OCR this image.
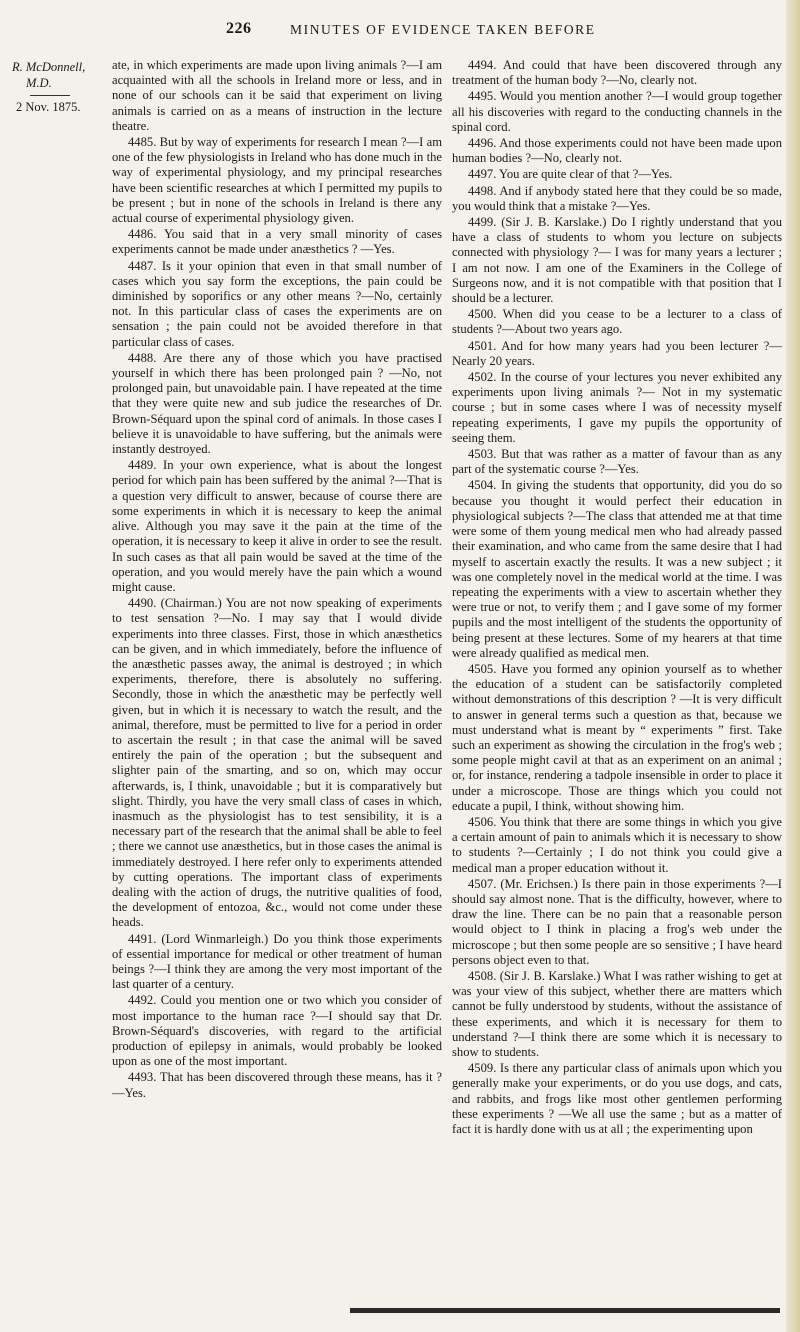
226	MINUTES OF EVIDENCE TAKEN BEFORE
R. McDonnell,
M.D.
2 Nov. 1875.

ate, in which experiments are made upon living animals ?—I am acquainted with all the schools in Ireland more or less, and in none of our schools can it be said that experiment on living animals is carried on as a means of instruction in the lecture theatre.

4485. But by way of experiments for research I mean ?—I am one of the few physiologists in Ireland who has done much in the way of experimental physiology, and my principal researches have been scientific researches at which I permitted my pupils to be present ; but in none of the schools in Ireland is there any actual course of experimental physiology given.

4486. You said that in a very small minority of cases experiments cannot be made under anæsthetics ? —Yes.

4487. Is it your opinion that even in that small number of cases which you say form the exceptions, the pain could be diminished by soporifics or any other means ?—No, certainly not. In this particular class of cases the experiments are on sensation ; the pain could not be avoided therefore in that particular class of cases.

4488. Are there any of those which you have practised yourself in which there has been prolonged pain ? —No, not prolonged pain, but unavoidable pain. I have repeated at the time that they were quite new and sub judice the researches of Dr. Brown-Séquard upon the spinal cord of animals. In those cases I believe it is unavoidable to have suffering, but the animals were instantly destroyed.

4489. In your own experience, what is about the longest period for which pain has been suffered by the animal ?—That is a question very difficult to answer, because of course there are some experiments in which it is necessary to keep the animal alive. Although you may save it the pain at the time of the operation, it is necessary to keep it alive in order to see the result. In such cases as that all pain would be saved at the time of the operation, and you would merely have the pain which a wound might cause.

4490. (Chairman.) You are not now speaking of experiments to test sensation ?—No. I may say that I would divide experiments into three classes. First, those in which anæsthetics can be given, and in which immediately, before the influence of the anæsthetic passes away, the animal is destroyed ; in which experiments, therefore, there is absolutely no suffering. Secondly, those in which the anæsthetic may be perfectly well given, but in which it is necessary to watch the result, and the animal, therefore, must be permitted to live for a period in order to ascertain the result ; in that case the animal will be saved entirely the pain of the operation ; but the subsequent and slighter pain of the smarting, and so on, which may occur afterwards, is, I think, unavoidable ; but it is comparatively but slight. Thirdly, you have the very small class of cases in which, inasmuch as the physiologist has to test sensibility, it is a necessary part of the research that the animal shall be able to feel ; there we cannot use anæsthetics, but in those cases the animal is immediately destroyed. I here refer only to experiments attended by cutting operations. The important class of experiments dealing with the action of drugs, the nutritive qualities of food, the development of entozoa, &c., would not come under these heads.

4491. (Lord Winmarleigh.) Do you think those experiments of essential importance for medical or other treatment of human beings ?—I think they are among the very most important of the last quarter of a century.

4492. Could you mention one or two which you consider of most importance to the human race ?—I should say that Dr. Brown-Séquard's discoveries, with regard to the artificial production of epilepsy in animals, would probably be looked upon as one of the most important.

4493. That has been discovered through these means, has it ?—Yes.

4494. And could that have been discovered through any treatment of the human body ?—No, clearly not.

4495. Would you mention another ?—I would group together all his discoveries with regard to the conducting channels in the spinal cord.

4496. And those experiments could not have been made upon human bodies ?—No, clearly not.

4497. You are quite clear of that ?—Yes.

4498. And if anybody stated here that they could be so made, you would think that a mistake ?—Yes.

4499. (Sir J. B. Karslake.) Do I rightly understand that you have a class of students to whom you lecture on subjects connected with physiology ?— I was for many years a lecturer ; I am not now. I am one of the Examiners in the College of Surgeons now, and it is not compatible with that position that I should be a lecturer.

4500. When did you cease to be a lecturer to a class of students ?—About two years ago.

4501. And for how many years had you been lecturer ?—Nearly 20 years.

4502. In the course of your lectures you never exhibited any experiments upon living animals ?— Not in my systematic course ; but in some cases where I was of necessity myself repeating experiments, I gave my pupils the opportunity of seeing them.

4503. But that was rather as a matter of favour than as any part of the systematic course ?—Yes.

4504. In giving the students that opportunity, did you do so because you thought it would perfect their education in physiological subjects ?—The class that attended me at that time were some of them young medical men who had already passed their examination, and who came from the same desire that I had myself to ascertain exactly the results. It was a new subject ; it was one completely novel in the medical world at the time. I was repeating the experiments with a view to ascertain whether they were true or not, to verify them ; and I gave some of my former pupils and the most intelligent of the students the opportunity of being present at these lectures. Some of my hearers at that time were already qualified as medical men.

4505. Have you formed any opinion yourself as to whether the education of a student can be satisfactorily completed without demonstrations of this description ? —It is very difficult to answer in general terms such a question as that, because we must understand what is meant by “ experiments ” first. Take such an experiment as showing the circulation in the frog's web ; some people might cavil at that as an experiment on an animal ; or, for instance, rendering a tadpole insensible in order to place it under a microscope. Those are things which you could not educate a pupil, I think, without showing him.

4506. You think that there are some things in which you give a certain amount of pain to animals which it is necessary to show to students ?—Certainly ; I do not think you could give a medical man a proper education without it.

4507. (Mr. Erichsen.) Is there pain in those experiments ?—I should say almost none. That is the difficulty, however, where to draw the line. There can be no pain that a reasonable person would object to I think in placing a frog's web under the microscope ; but then some people are so sensitive ; I have heard persons object even to that.

4508. (Sir J. B. Karslake.) What I was rather wishing to get at was your view of this subject, whether there are matters which cannot be fully understood by students, without the assistance of these experiments, and which it is necessary for them to understand ?—I think there are some which it is necessary to show to students.

4509. Is there any particular class of animals upon which you generally make your experiments, or do you use dogs, and cats, and rabbits, and frogs like most other gentlemen performing these experiments ? —We all use the same ; but as a matter of fact it is hardly done with us at all ; the experimenting upon
